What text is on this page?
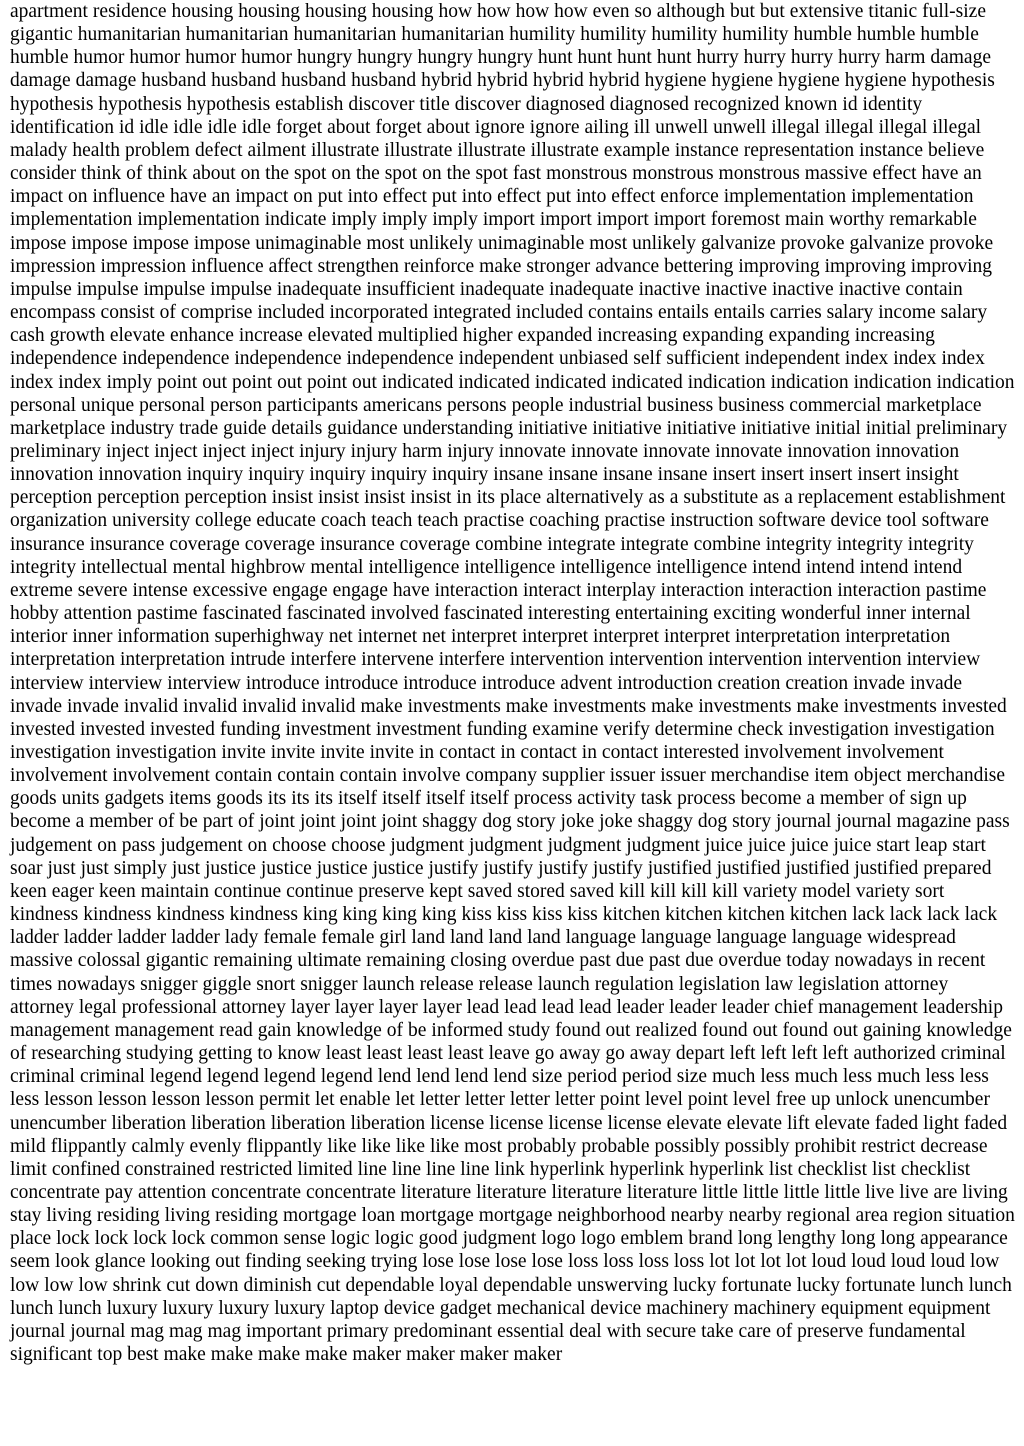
apartment residence housing housing housing housing how how how how even so although but but extensive titanic full-size gigantic humanitarian humanitarian humanitarian humanitarian humility humility humility humility humble humble humble humble humor humor humor humor hungry hungry hungry hungry hunt hunt hunt hunt hurry hurry hurry hurry harm damage damage damage husband husband husband husband hybrid hybrid hybrid hybrid hygiene hygiene hygiene hygiene hypothesis hypothesis hypothesis hypothesis establish discover title discover diagnosed diagnosed recognized known id identity identification id idle idle idle idle forget about forget about ignore ignore ailing ill unwell unwell illegal illegal illegal illegal malady health problem defect ailment illustrate illustrate illustrate illustrate example instance representation instance believe consider think of think about on the spot on the spot on the spot fast monstrous monstrous monstrous massive effect have an impact on influence have an impact on put into effect put into effect put into effect enforce implementation implementation implementation implementation indicate imply imply imply import import import import foremost main worthy remarkable impose impose impose impose unimaginable most unlikely unimaginable most unlikely galvanize provoke galvanize provoke impression impression influence affect strengthen reinforce make stronger advance bettering improving improving improving impulse impulse impulse impulse inadequate insufficient inadequate inadequate inactive inactive inactive inactive contain encompass consist of comprise included incorporated integrated included contains entails entails carries salary income salary cash growth elevate enhance increase elevated multiplied higher expanded increasing expanding expanding increasing independence independence independence independence independent unbiased self sufficient independent index index index index index imply point out point out point out indicated indicated indicated indicated indication indication indication indication personal unique personal person participants americans persons people industrial business business commercial marketplace marketplace industry trade guide details guidance understanding initiative initiative initiative initiative initial initial preliminary preliminary inject inject inject inject injury injury harm injury innovate innovate innovate innovate innovation innovation innovation innovation inquiry inquiry inquiry inquiry inquiry insane insane insane insane insert insert insert insert insight perception perception perception insist insist insist insist in its place alternatively as a substitute as a replacement establishment organization university college educate coach teach teach practise coaching practise instruction software device tool software insurance insurance coverage coverage insurance coverage combine integrate integrate combine integrity integrity integrity integrity intellectual mental highbrow mental intelligence intelligence intelligence intelligence intend intend intend intend extreme severe intense excessive engage engage have interaction interact interplay interaction interaction interaction pastime hobby attention pastime fascinated fascinated involved fascinated interesting entertaining exciting wonderful inner internal interior inner information superhighway net internet net interpret interpret interpret interpret interpretation interpretation interpretation interpretation intrude interfere intervene interfere intervention intervention intervention intervention interview interview interview interview introduce introduce introduce introduce advent introduction creation creation invade invade invade invade invalid invalid invalid invalid make investments make investments make investments make investments invested invested invested invested funding investment investment funding examine verify determine check investigation investigation investigation investigation invite invite invite invite in contact in contact in contact interested involvement involvement involvement involvement contain contain contain involve company supplier issuer issuer merchandise item object merchandise goods units gadgets items goods its its its itself itself itself itself process activity task process become a member of sign up become a member of be part of joint joint joint joint shaggy dog story joke joke shaggy dog story journal journal magazine pass judgement on pass judgement on choose choose judgment judgment judgment judgment juice juice juice juice start leap start soar just just simply just justice justice justice justice justify justify justify justify justified justified justified justified prepared keen eager keen maintain continue continue preserve kept saved stored saved kill kill kill kill variety model variety sort kindness kindness kindness kindness king king king king kiss kiss kiss kiss kitchen kitchen kitchen kitchen lack lack lack lack ladder ladder ladder ladder lady female female girl land land land land language language language language widespread massive colossal gigantic remaining ultimate remaining closing overdue past due past due overdue today nowadays in recent times nowadays snigger giggle snort snigger launch release release launch regulation legislation law legislation attorney attorney legal professional attorney layer layer layer layer lead lead lead lead leader leader leader chief management leadership management management read gain knowledge of be informed study found out realized found out found out gaining knowledge of researching studying getting to know least least least least leave go away go away depart left left left left authorized criminal criminal criminal legend legend legend legend lend lend lend lend size period period size much less much less much less less less lesson lesson lesson lesson permit let enable let letter letter letter letter point level point level free up unlock unencumber unencumber liberation liberation liberation liberation license license license license elevate elevate lift elevate faded light faded mild flippantly calmly evenly flippantly like like like like most probably probable possibly possibly prohibit restrict decrease limit confined constrained restricted limited line line line line link hyperlink hyperlink hyperlink list checklist list checklist concentrate pay attention concentrate concentrate literature literature literature literature little little little little live live are living stay living residing living residing mortgage loan mortgage mortgage neighborhood nearby nearby regional area region situation place lock lock lock lock common sense logic logic good judgment logo logo emblem brand long lengthy long long appearance seem look glance looking out finding seeking trying lose lose lose lose loss loss loss loss lot lot lot lot loud loud loud loud low low low low shrink cut down diminish cut dependable loyal dependable unswerving lucky fortunate lucky fortunate lunch lunch lunch lunch luxury luxury luxury luxury laptop device gadget mechanical device machinery machinery equipment equipment journal journal mag mag mag important primary predominant essential deal with secure take care of preserve fundamental significant top best make make make make maker maker maker maker
